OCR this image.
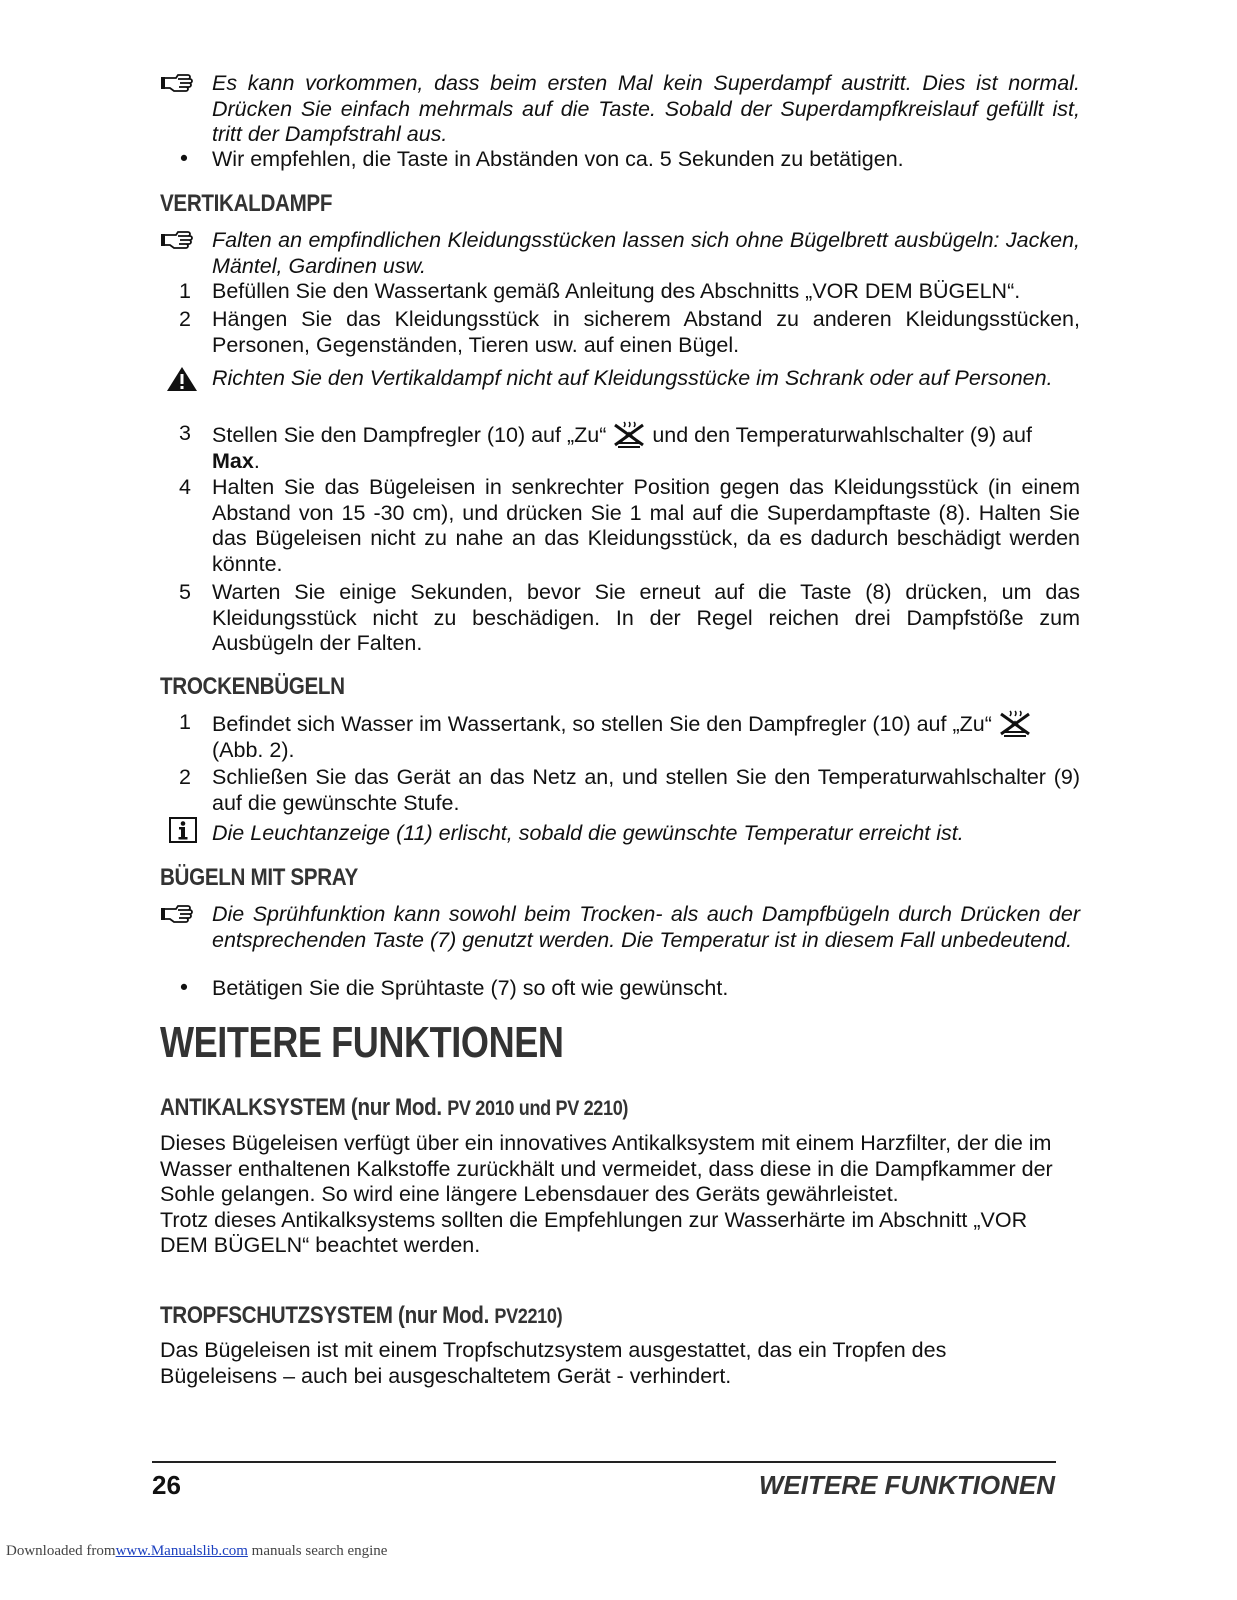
Es kann vorkommen, dass beim ersten Mal kein Superdampf austritt. Dies ist normal. Drücken Sie einfach mehrmals auf die Taste. Sobald der Superdampfkreislauf gefüllt ist, tritt der Dampfstrahl aus.
•	Wir empfehlen, die Taste in Abständen von ca. 5 Sekunden zu betätigen.
VERTIKALDAMPF
Falten an empfindlichen Kleidungsstücken lassen sich ohne Bügelbrett ausbügeln: Jacken, Mäntel, Gardinen usw.
1 Befüllen Sie den Wassertank gemäß Anleitung des Abschnitts „VOR DEM BÜGELN“.
2 Hängen Sie das Kleidungsstück in sicherem Abstand zu anderen Kleidungsstücken, Personen, Gegenständen, Tieren usw. auf einen Bügel.
Richten Sie den Vertikaldampf nicht auf Kleidungsstücke im Schrank oder auf Personen.
3 Stellen Sie den Dampfregler (10) auf „Zu“ und den Temperaturwahlschalter (9) auf
Max.
4 Halten Sie das Bügeleisen in senkrechter Position gegen das Kleidungsstück (in einem Abstand von 15 -30 cm), und drücken Sie 1 mal auf die Superdampftaste (8). Halten Sie das Bügeleisen nicht zu nahe an das Kleidungsstück, da es dadurch beschädigt werden könnte.
5 Warten Sie einige Sekunden, bevor Sie erneut auf die Taste (8) drücken, um das Kleidungsstück nicht zu beschädigen. In der Regel reichen drei Dampfstöße zum Ausbügeln der Falten.
TROCKENBÜGELN
1 Befindet sich Wasser im Wassertank, so stellen Sie den Dampfregler (10) auf „Zu“
(Abb. 2).
2 Schließen Sie das Gerät an das Netz an, und stellen Sie den Temperaturwahlschalter (9) auf die gewünschte Stufe.
Die Leuchtanzeige (11) erlischt, sobald die gewünschte Temperatur erreicht ist.
BÜGELN MIT SPRAY
Die Sprühfunktion kann sowohl beim Trocken- als auch Dampfbügeln durch Drücken der entsprechenden Taste (7) genutzt werden. Die Temperatur ist in diesem Fall unbedeutend.
•	Betätigen Sie die Sprühtaste (7) so oft wie gewünscht.
WEITERE FUNKTIONEN
ANTIKALKSYSTEM (nur Mod. PV 2010 und PV 2210)
Dieses Bügeleisen verfügt über ein innovatives Antikalksystem mit einem Harzfilter, der die im Wasser enthaltenen Kalkstoffe zurückhält und vermeidet, dass diese in die Dampfkammer der Sohle gelangen. So wird eine längere Lebensdauer des Geräts gewährleistet.
Trotz dieses Antikalksystems sollten die Empfehlungen zur Wasserhärte im Abschnitt „VOR DEM BÜGELN“ beachtet werden.
TROPFSCHUTZSYSTEM (nur Mod. PV2210)
Das Bügeleisen ist mit einem Tropfschutzsystem ausgestattet, das ein Tropfen des Bügeleisens – auch bei ausgeschaltetem Gerät - verhindert.
26	WEITERE FUNKTIONEN
Downloaded fromwww.Manualslib.com manuals search engine
